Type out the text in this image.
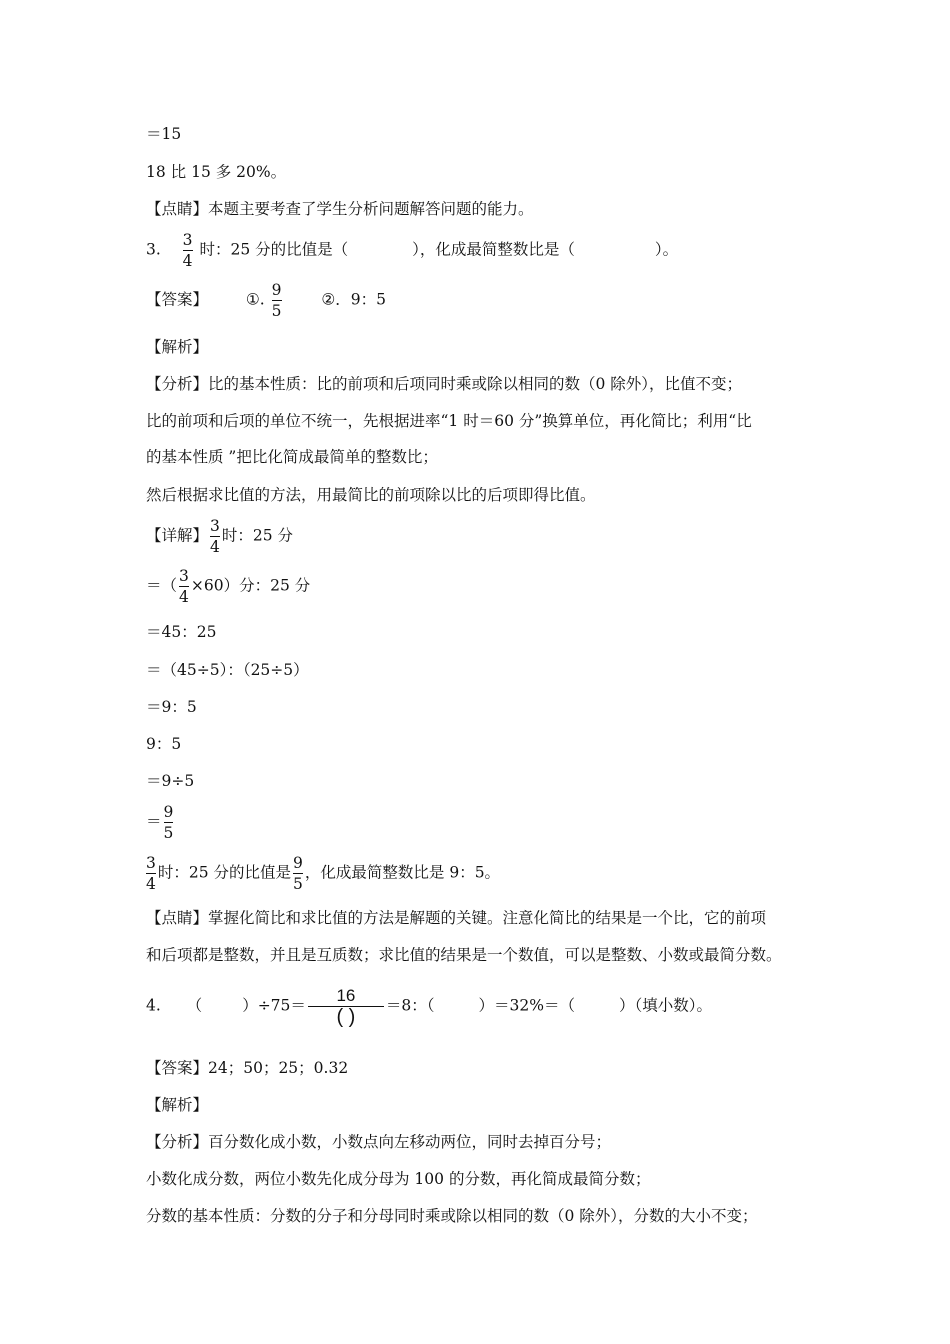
＝15
18 比 15 多 20%。
【点睛】本题主要考查了学生分析问题解答问题的能力。
3. $\frac{3}{4}$ 时：25 分的比值是（	），化成最简整数比是（	）。
【答案】 ①. $\frac{9}{5}$	②．9：5
【解析】
【分析】比的基本性质：比的前项和后项同时乘或除以相同的数（0 除外），比值不变；
比的前项和后项的单位不统一，先根据进率“1 时＝60 分”换算单位，再化简比；利用“比
的基本性质 ”把比化简成最简单的整数比；
然后根据求比值的方法，用最简比的前项除以比的后项即得比值。
【详解】 $\frac{3}{4}$ 时：25 分
＝（ $\frac{3}{4} \times 60$）分：25 分
＝45：25
＝（45÷5）：（25÷5）
＝9：5
9：5
＝9÷5
＝ $\frac{9}{5}$
$\frac{3}{4}$ 时：25 分的比值是 $\frac{9}{5}$ ，化成最简整数比是 9：5。
【点睛】掌握化简比和求比值的方法是解题的关键。注意化简比的结果是一个比，它的前项
和后项都是整数，并且是互质数；求比值的结果是一个数值，可以是整数、小数或最简分数。
4. （	）$\div 75= \frac{16}{( )} =8$：（	）＝32%＝（	）（填小数）。
【答案】24；50；25；0.32
【解析】
【分析】百分数化成小数，小数点向左移动两位，同时去掉百分号；
小数化成分数，两位小数先化成分母为 100 的分数，再化简成最简分数；
分数的基本性质：分数的分子和分母同时乘或除以相同的数（0 除外），分数的大小不变；
